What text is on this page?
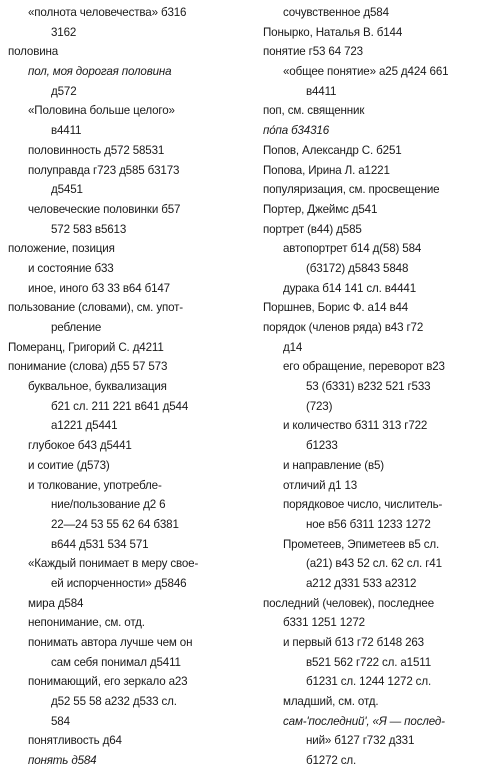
«полнота человечества» б316
3162
половина
пол, моя дорогая половина
д572
«Половина больше целого»
в4411
половинность д572 58531
полуправда г723 д585 б3173
д5451
человеческие половинки б57
572 583 в5613
положение, позиция
и состояние б33
иное, иного б3 33 в64 б147
пользование (словами), см. упот-
ребление
Померанц, Григорий С. д4211
понимание (слова) д55 57 573
буквальное, буквализация
б21 сл. 211 221 в641 д544
а1221 д5441
глубокое б43 д5441
и соитие (д573)
и толкование, употребле-
ние/пользование д2 6
22—24 53 55 62 64 б381
в644 д531 534 571
«Каждый понимает в меру свое-
ей испорченности» д5846
мира д584
непонимание, см. отд.
понимать автора лучше чем он
сам себя понимал д5411
понимающий, его зеркало а23
д52 55 58 а232 д533 сл.
584
понятливость д64
понять д584
сочувственное д584
Понырко, Наталья В. б144
понятие г53 64 723
«общее понятие» а25 д424 661
в4411
поп, см. священник
по́па б34316
Попов, Александр С. б251
Попова, Ирина Л. а1221
популяризация, см. просвещение
Портер, Джеймс д541
портрет (в44) д585
автопортрет б14 д(58) 584
(б3172) д5843 5848
дурака б14 141 сл. в4441
Поршнев, Борис Ф. а14 в44
порядок (членов ряда) в43 г72
д14
его обращение, переворот в23
53 (б331) в232 521 г533
(723)
и количество б311 313 г722
б1233
и направление (в5)
отличий д1 13
порядковое число, числитель-
ное в56 б311 1233 1272
Прометеев, Эпиметеев в5 сл.
(а21) в43 52 сл. 62 сл. г41
а212 д331 533 а2312
последний (человек), последнее
б331 1251 1272
и первый б13 г72 б148 263
в521 562 г722 сл. а1511
б1231 сл. 1244 1272 сл.
младший, см. отд.
сам-'последний', «Я — послед-
ний» б127 г732 д331
б1272 сл.
